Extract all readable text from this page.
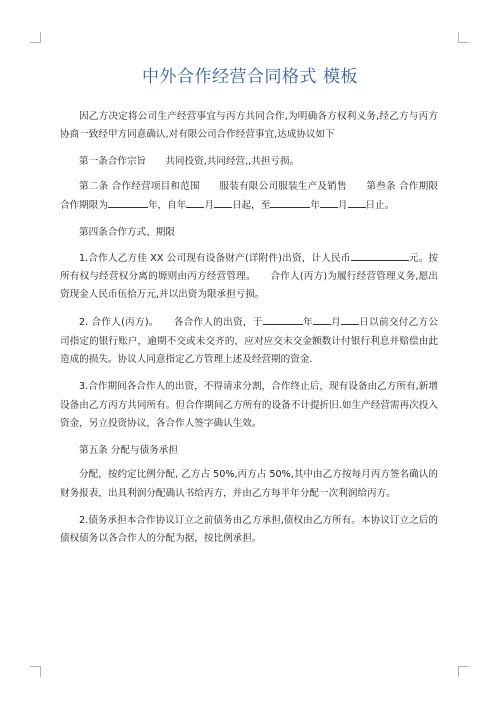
中外合作经营合同格式 模板

因乙方决定将公司生产经营事宜与丙方共同合作,为明确各方权利义务,经乙方与丙方协商一致经甲方同意确认,对有限公司合作经营事宜,达成协议如下

第一条合作宗旨　　共同投资,共同经营,,共担亏损。

第二条 合作经营项目和范围　　服装有限公司服装生产及销售　　第叁条 合作期限　　合作期限为	年，自年 月 日起，至	年 月 日止。

第四条合作方式、期限

1.合作人乙方佳 XX 公司现有设备财产(详附件)出资，计人民币	元。按所有权与经营权分离的塬则由丙方经营管理。　　合作人(丙方)为履行经营管理义务,愿出资现金人民币伍拾万元,并以出资为限承担亏损。

2. 合作人(丙方)。　　各合作人的出资，于	年 月 日以前交付乙方公司指定的银行账户，逾期不交或未交齐的，应对应交未交金额数计付银行利息并赔偿由此造成的损失。协议人同意指定乙方管理上述及经营期的资金.

3.合作期间各合作人的出资，不得请求分割，合作终止后，现有设备由乙方所有,新增设备由乙方丙方共同所有。但合作期间乙方所有的设备不计提折旧.如生产经营需再次投入资金，另立投资协议，各合作人签字确认生效。

第五条 分配与债务承担

分配，按约定比例分配, 乙方占 50%,丙方占 50%,其中由乙方按每月丙方签名确认的财务报表，出具利润分配确认书给丙方，并由乙方每半年分配一次利润给丙方。

2.债务承担本合作协议订立之前债务由乙方承担,债权由乙方所有。本协议订立之后的债权债务以各合作人的分配为据，按比例承担。
